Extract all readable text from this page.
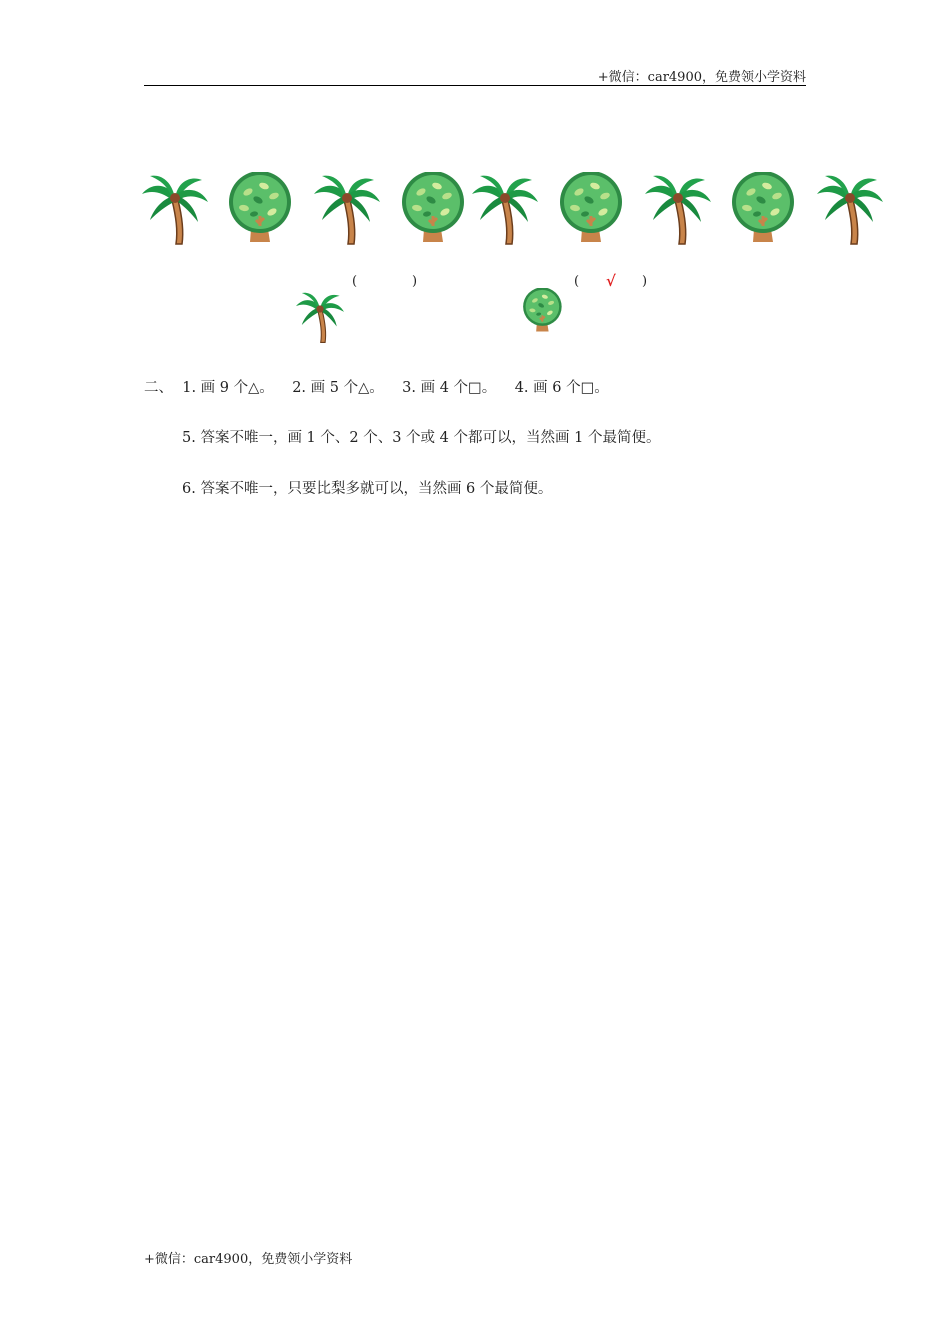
+微信：car4900，免费领小学资料
(	)	( √ )
二、  1. 画 9 个△。    2. 画 5 个△。    3. 画 4 个□。    4. 画 6 个□。
5. 答案不唯一，画 1 个、2 个、3 个或 4 个都可以，当然画 1 个最简便。
6. 答案不唯一，只要比梨多就可以，当然画 6 个最简便。
+微信：car4900，免费领小学资料
